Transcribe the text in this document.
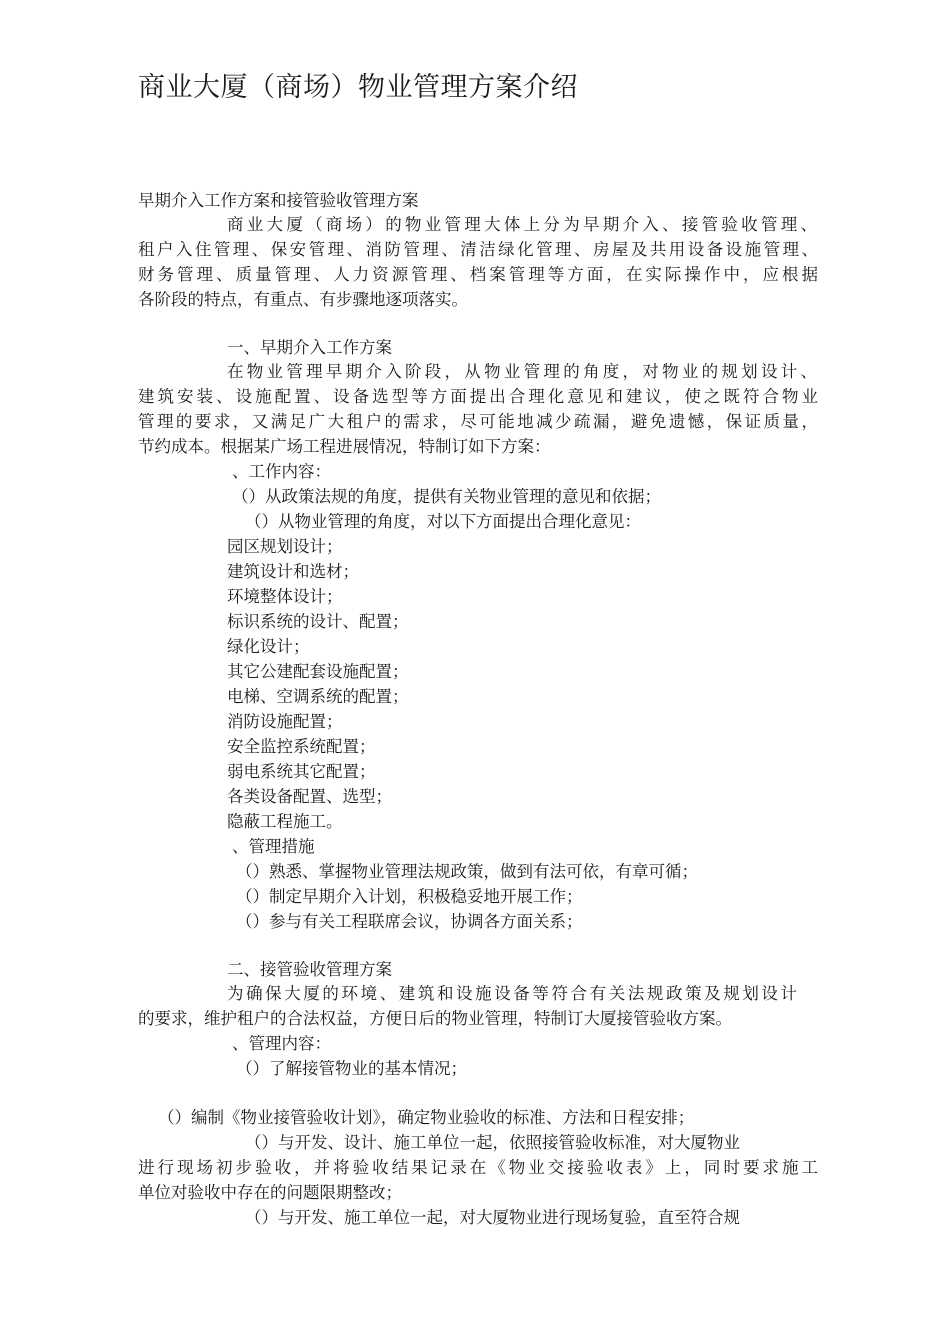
商业大厦（商场）物业管理方案介绍
早期介入工作方案和接管验收管理方案
商业大厦（商场）的物业管理大体上分为早期介入、接管验收管理、
租户入住管理、保安管理、消防管理、清洁绿化管理、房屋及共用设备设施管理、
财务管理、质量管理、人力资源管理、档案管理等方面，在实际操作中，应根据
各阶段的特点，有重点、有步骤地逐项落实。
一、早期介入工作方案
在物业管理早期介入阶段，从物业管理的角度，对物业的规划设计、
建筑安装、设施配置、设备选型等方面提出合理化意见和建议，使之既符合物业
管理的要求，又满足广大租户的需求，尽可能地减少疏漏，避免遗憾，保证质量，
节约成本。根据某广场工程进展情况，特制订如下方案：
、工作内容：
（）从政策法规的角度，提供有关物业管理的意见和依据；
（）从物业管理的角度，对以下方面提出合理化意见：
园区规划设计；
建筑设计和选材；
环境整体设计；
标识系统的设计、配置；
绿化设计；
其它公建配套设施配置；
电梯、空调系统的配置；
消防设施配置；
安全监控系统配置；
弱电系统其它配置；
各类设备配置、选型；
隐蔽工程施工。
、管理措施
（）熟悉、掌握物业管理法规政策，做到有法可依，有章可循；
（）制定早期介入计划，积极稳妥地开展工作；
（）参与有关工程联席会议，协调各方面关系；
二、接管验收管理方案
为确保大厦的环境、建筑和设施设备等符合有关法规政策及规划设计
的要求，维护租户的合法权益，方便日后的物业管理，特制订大厦接管验收方案。
、管理内容：
（）了解接管物业的基本情况；
（）编制《物业接管验收计划》，确定物业验收的标准、方法和日程安排；
（）与开发、设计、施工单位一起，依照接管验收标准，对大厦物业
进行现场初步验收，并将验收结果记录在《物业交接验收表》上，同时要求施工
单位对验收中存在的问题限期整改；
（）与开发、施工单位一起，对大厦物业进行现场复验，直至符合规
